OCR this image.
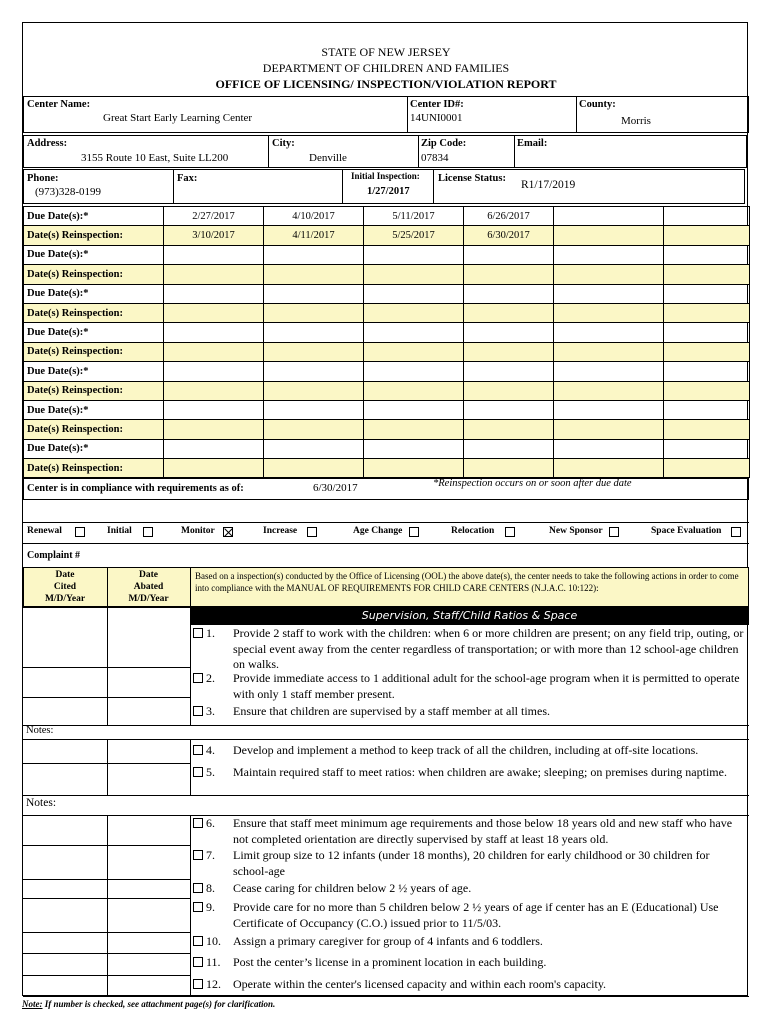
STATE OF NEW JERSEY
DEPARTMENT OF CHILDREN AND FAMILIES
OFFICE OF LICENSING/ INSPECTION/VIOLATION REPORT
Center Name:
Great Start Early Learning Center
Center ID#:
14UNI0001
County:
Morris
Address:
3155 Route 10 East, Suite LL200
City:
Denville
Zip Code:
07834
Email:
Phone:
(973)328-0199
Fax:	Initial Inspection:
1/27/2017
License Status:
R1/17/2019
Due Date(s):*	2/27/2017	4/10/2017	5/11/2017	6/26/2017			
Date(s) Reinspection:	3/10/2017	4/11/2017	5/25/2017	6/30/2017			
Due Date(s):*							
Date(s) Reinspection:							
Due Date(s):*							
Date(s) Reinspection:							
Due Date(s):*							
Date(s) Reinspection:							
Due Date(s):*							
Date(s) Reinspection:							
Due Date(s):*							
Date(s) Reinspection:							
Due Date(s):*							
Date(s) Reinspection:							
Center is in compliance with requirements as of:	6/30/2017	*Reinspection occurs on or soon after due date
Renewal	Initial	Monitor	Increase	Age Change	Relocation	New Sponsor	Space Evaluation
Complaint #
Date
Cited
M/D/Year
Date
Abated
M/D/Year
Based on a inspection(s) conducted by the Office of Licensing (OOL) the above date(s), the center needs to take the following actions in order to come into compliance with the MANUAL OF REQUIREMENTS FOR CHILD CARE CENTERS (N.J.A.C. 10:122):
Supervision, Staff/Child Ratios & Space
Notes:
Notes:
1. Provide 2 staff to work with the children: when 6 or more children are present; on any field trip, outing, or special event away from the center regardless of transportation; or with more than 12 school-age children on walks.
2. Provide immediate access to 1 additional adult for the school-age program when it is permitted to operate with only 1 staff member present.
3. Ensure that children are supervised by a staff member at all times.
4. Develop and implement a method to keep track of all the children, including at off-site locations.
5. Maintain required staff to meet ratios: when children are awake; sleeping; on premises during naptime.
6. Ensure that staff meet minimum age requirements and those below 18 years old and new staff who have not completed orientation are directly supervised by staff at least 18 years old.
7. Limit group size to 12 infants (under 18 months), 20 children for early childhood or 30 children for school-age
8. Cease caring for children below 2 ½ years of age.
9. Provide care for no more than 5 children below 2 ½ years of age if center has an E (Educational) Use Certificate of Occupancy (C.O.) issued prior to 11/5/03.
10. Assign a primary caregiver for group of 4 infants and 6 toddlers.
11. Post the center’s license in a prominent location in each building.
12. Operate within the center's licensed capacity and within each room's capacity.
Note: If number is checked, see attachment page(s) for clarification.
